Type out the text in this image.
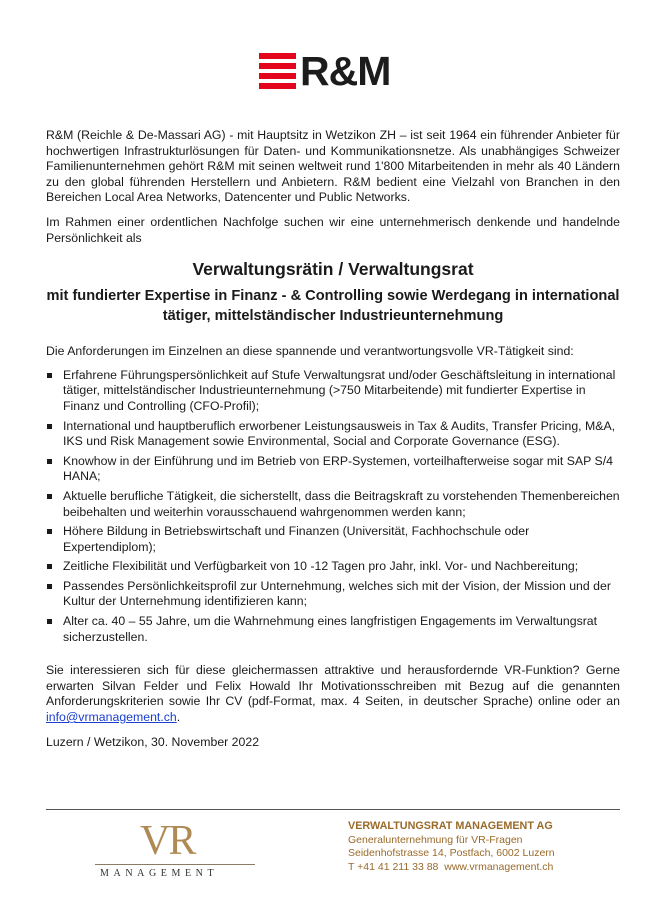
R&M

R&M (Reichle & De-Massari AG) - mit Hauptsitz in Wetzikon ZH – ist seit 1964 ein führender Anbieter für hochwertigen Infrastrukturlösungen für Daten- und Kommunikationsnetze. Als unabhängiges Schweizer Familienunternehmen gehört R&M mit seinen weltweit rund 1'800 Mitarbeitenden in mehr als 40 Ländern zu den global führenden Herstellern und Anbietern. R&M bedient eine Vielzahl von Branchen in den Bereichen Local Area Networks, Datencenter und Public Networks.

Im Rahmen einer ordentlichen Nachfolge suchen wir eine unternehmerisch denkende und handelnde Persönlichkeit als

Verwaltungsrätin / Verwaltungsrat
mit fundierter Expertise in Finanz - & Controlling sowie Werdegang in international tätiger, mittelständischer Industrieunternehmung

Die Anforderungen im Einzelnen an diese spannende und verantwortungsvolle VR-Tätigkeit sind:

Erfahrene Führungspersönlichkeit auf Stufe Verwaltungsrat und/oder Geschäftsleitung in international tätiger, mittelständischer Industrieunternehmung (>750 Mitarbeitende) mit fundierter Expertise in Finanz und Controlling (CFO-Profil);
International und hauptberuflich erworbener Leistungsausweis in Tax & Audits, Transfer Pricing, M&A, IKS und Risk Management sowie Environmental, Social and Corporate Governance (ESG).
Knowhow in der Einführung und im Betrieb von ERP-Systemen, vorteilhafterweise sogar mit SAP S/4 HANA;
Aktuelle berufliche Tätigkeit, die sicherstellt, dass die Beitragskraft zu vorstehenden Themenbereichen beibehalten und weiterhin vorausschauend wahrgenommen werden kann;
Höhere Bildung in Betriebswirtschaft und Finanzen (Universität, Fachhochschule oder Expertendiplom);
Zeitliche Flexibilität und Verfügbarkeit von 10 -12 Tagen pro Jahr, inkl. Vor- und Nachbereitung;
Passendes Persönlichkeitsprofil zur Unternehmung, welches sich mit der Vision, der Mission und der Kultur der Unternehmung identifizieren kann;
Alter ca. 40 – 55 Jahre, um die Wahrnehmung eines langfristigen Engagements im Verwaltungsrat sicherzustellen.

Sie interessieren sich für diese gleichermassen attraktive und herausfordernde VR-Funktion? Gerne erwarten Silvan Felder und Felix Howald Ihr Motivationsschreiben mit Bezug auf die genannten Anforderungskriterien sowie Ihr CV (pdf-Format, max. 4 Seiten, in deutscher Sprache) online oder an info@vrmanagement.ch.

Luzern / Wetzikon, 30. November 2022

VR
MANAGEMENT
VERWALTUNGSRAT MANAGEMENT AG
Generalunternehmung für VR-Fragen
Seidenhofstrasse 14, Postfach, 6002 Luzern
T +41 41 211 33 88 www.vrmanagement.ch
